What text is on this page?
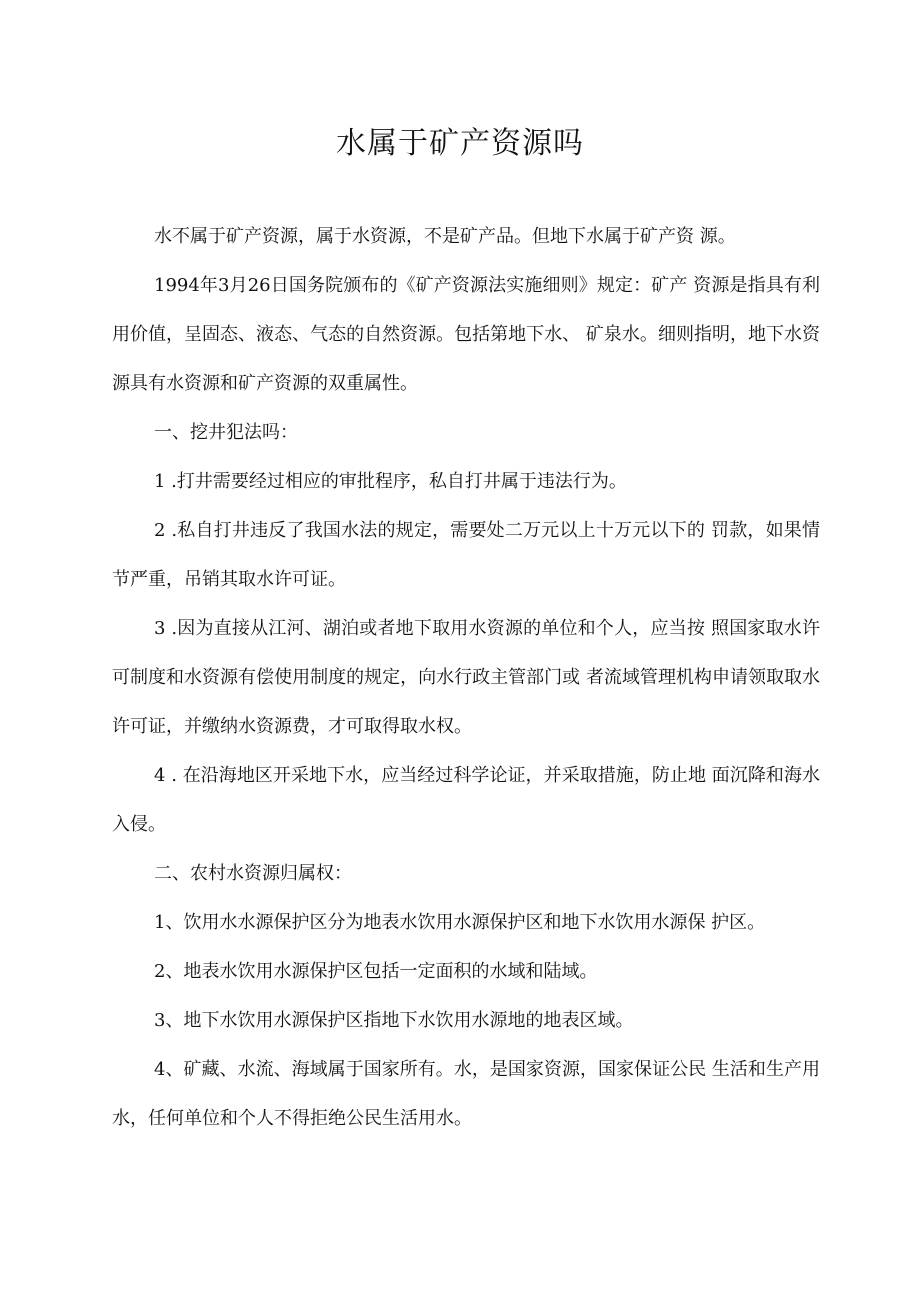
水属于矿产资源吗

水不属于矿产资源，属于水资源，不是矿产品。但地下水属于矿产资 源。

1994年3月26日国务院颁布的《矿产资源法实施细则》规定：矿产 资源是指具有利用价值，呈固态、液态、气态的自然资源。包括第地下水、 矿泉水。细则指明，地下水资源具有水资源和矿产资源的双重属性。

一、挖井犯法吗：

1 .打井需要经过相应的审批程序，私自打井属于违法行为。

2 .私自打井违反了我国水法的规定，需要处二万元以上十万元以下的 罚款，如果情节严重，吊销其取水许可证。

3 .因为直接从江河、湖泊或者地下取用水资源的单位和个人，应当按 照国家取水许可制度和水资源有偿使用制度的规定，向水行政主管部门或 者流域管理机构申请领取取水许可证，并缴纳水资源费，才可取得取水权。

4 . 在沿海地区开采地下水，应当经过科学论证，并采取措施，防止地 面沉降和海水入侵。

二、农村水资源归属权：

1、饮用水水源保护区分为地表水饮用水源保护区和地下水饮用水源保 护区。

2、地表水饮用水源保护区包括一定面积的水域和陆域。

3、地下水饮用水源保护区指地下水饮用水源地的地表区域。

4、矿藏、水流、海域属于国家所有。水，是国家资源，国家保证公民 生活和生产用水，任何单位和个人不得拒绝公民生活用水。
